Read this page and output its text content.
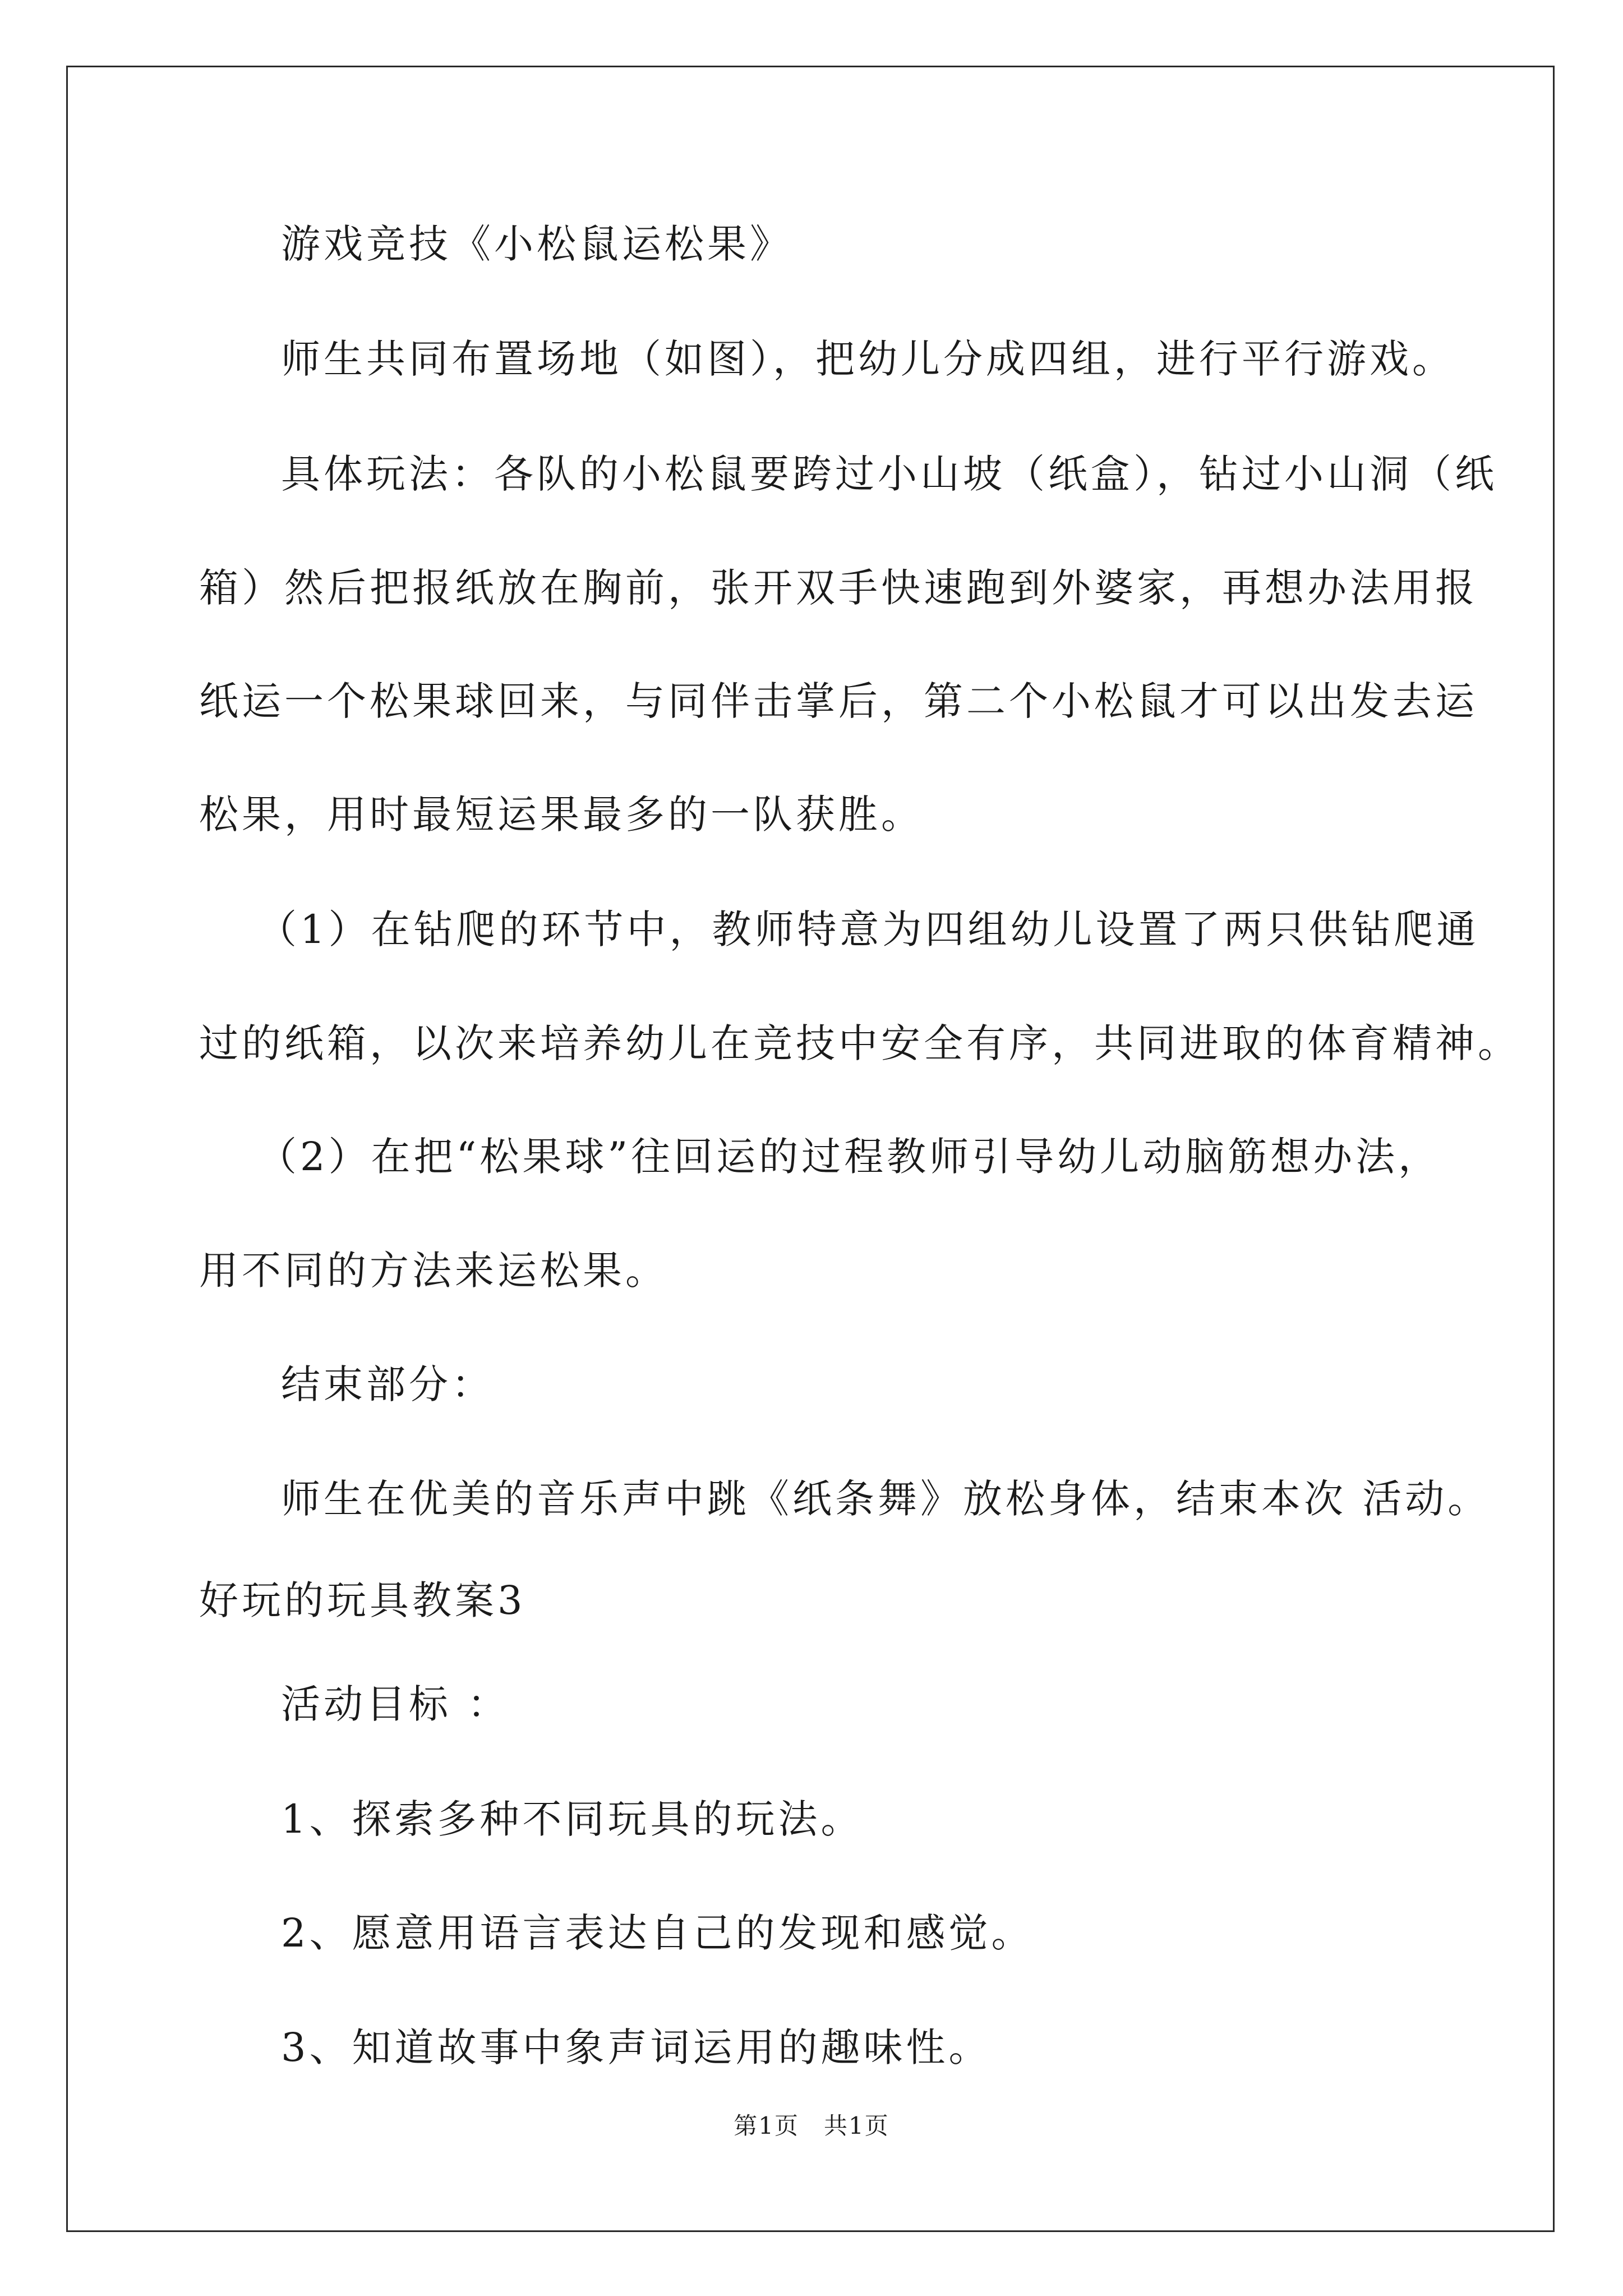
游戏竞技《小松鼠运松果》
师生共同布置场地（如图），把幼儿分成四组，进行平行游戏。
具体玩法：各队的小松鼠要跨过小山坡（纸盒），钻过小山洞（纸
箱）然后把报纸放在胸前，张开双手快速跑到外婆家，再想办法用报
纸运一个松果球回来，与同伴击掌后，第二个小松鼠才可以出发去运
松果，用时最短运果最多的一队获胜。
（1）在钻爬的环节中，教师特意为四组幼儿设置了两只供钻爬通
过的纸箱，以次来培养幼儿在竞技中安全有序，共同进取的体育精神。
（2）在把“松果球”往回运的过程教师引导幼儿动脑筋想办法，
用不同的方法来运松果。
结束部分：
师生在优美的音乐声中跳《纸条舞》放松身体，结束本次 活动。
好玩的玩具教案3
活动目标 ：
1、探索多种不同玩具的玩法。
2、愿意用语言表达自己的发现和感觉。
3、知道故事中象声词运用的趣味性。
第1页　共1页
